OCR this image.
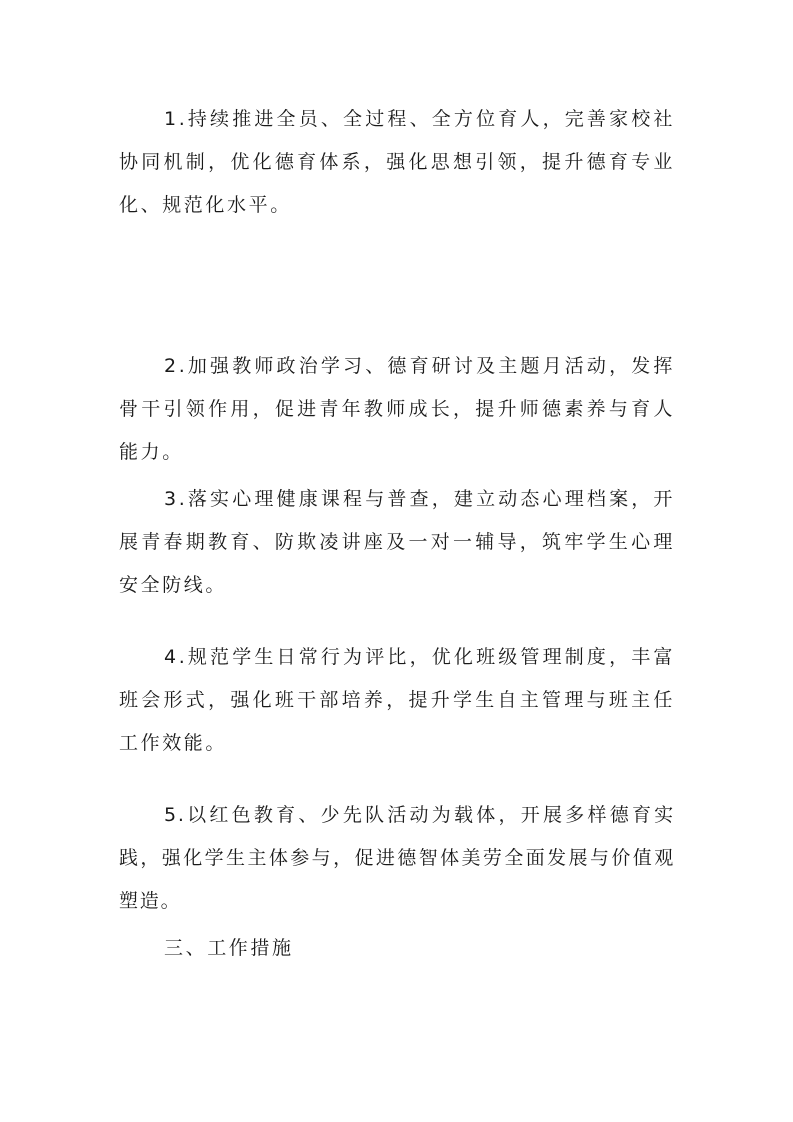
1.持续推进全员、全过程、全方位育人，完善家校社协同机制，优化德育体系，强化思想引领，提升德育专业化、规范化水平。

2.加强教师政治学习、德育研讨及主题月活动，发挥骨干引领作用，促进青年教师成长，提升师德素养与育人能力。

3.落实心理健康课程与普查，建立动态心理档案，开展青春期教育、防欺凌讲座及一对一辅导，筑牢学生心理安全防线。

4.规范学生日常行为评比，优化班级管理制度，丰富班会形式，强化班干部培养，提升学生自主管理与班主任工作效能。

5.以红色教育、少先队活动为载体，开展多样德育实践，强化学生主体参与，促进德智体美劳全面发展与价值观塑造。

三、工作措施
